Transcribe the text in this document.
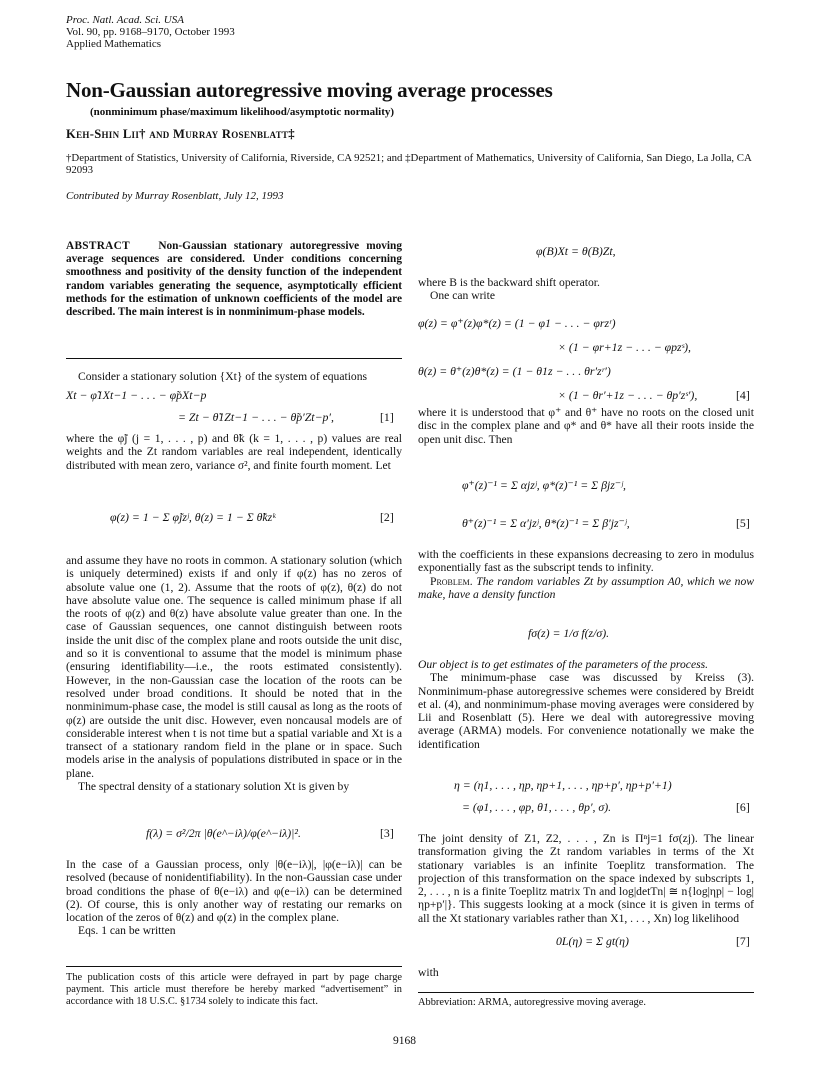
Proc. Natl. Acad. Sci. USA
Vol. 90, pp. 9168–9170, October 1993
Applied Mathematics
Non-Gaussian autoregressive moving average processes
(nonminimum phase/maximum likelihood/asymptotic normality)
Keh-Shin Lii† and Murray Rosenblatt‡
†Department of Statistics, University of California, Riverside, CA 92521; and ‡Department of Mathematics, University of California, San Diego, La Jolla, CA 92093
Contributed by Murray Rosenblatt, July 12, 1993
ABSTRACT	Non-Gaussian stationary autoregressive moving average sequences are considered. Under conditions concerning smoothness and positivity of the density function of the independent random variables generating the sequence, asymptotically efficient methods for the estimation of unknown coefficients of the model are described. The main interest is in nonminimum-phase models.

Consider a stationary solution {Xt} of the system of equations

Xt − φ̃1Xt−1 − . . . − φ̃pXt−p
= Zt − θ̃1Zt−1 − . . . − θ̃p′Zt−p′,	[1]

where the φ̃j (j = 1, . . . , p) and θ̃k (k = 1, . . . , p) values are real weights and the Zt random variables are real independent, identically distributed with mean zero, variance σ², and finite fourth moment. Let

φ(z) = 1 − Σ φ̃jzʲ, θ(z) = 1 − Σ θ̃kzᵏ	[2]

and assume they have no roots in common. A stationary solution (which is uniquely determined) exists if and only if φ(z) has no zeros of absolute value one (1, 2). Assume that the roots of φ(z), θ(z) do not have absolute value one. The sequence is called minimum phase if all the roots of φ(z) and θ(z) have absolute value greater than one. In the case of Gaussian sequences, one cannot distinguish between roots inside the unit disc of the complex plane and roots outside the unit disc, and so it is conventional to assume that the model is minimum phase (ensuring identifiability—i.e., the roots estimated consistently). However, in the non-Gaussian case the location of the roots can be resolved under broad conditions. It should be noted that in the nonminimum-phase case, the model is still causal as long as the roots of φ(z) are outside the unit disc. However, even noncausal models are of considerable interest when t is not time but a spatial variable and Xt is a transect of a stationary random field in the plane or in space. Such models arise in the analysis of populations distributed in space or in the plane.

The spectral density of a stationary solution Xt is given by

f(λ) = σ²/2π |θ(e^−iλ)/φ(e^−iλ)|².	[3]

In the case of a Gaussian process, only |θ(e−iλ)|, |φ(e−iλ)| can be resolved (because of nonidentifiability). In the non-Gaussian case under broad conditions the phase of θ(e−iλ) and φ(e−iλ) can be determined (2). Of course, this is only another way of restating our remarks on location of the zeros of θ(z) and φ(z) in the complex plane.

Eqs. 1 can be written

The publication costs of this article were defrayed in part by page charge payment. This article must therefore be hereby marked “advertisement” in accordance with 18 U.S.C. §1734 solely to indicate this fact.
φ(B)Xt = θ(B)Zt,

where B is the backward shift operator.

One can write

φ(z) = φ⁺(z)φ*(z) = (1 − φ1 − . . . − φrzʳ)
× (1 − φr+1z − . . . − φpzˢ),
θ(z) = θ⁺(z)θ*(z) = (1 − θ1z − . . . θr′zʳ′)
× (1 − θr′+1z − . . . − θp′zˢ′),	[4]

where it is understood that φ⁺ and θ⁺ have no roots on the closed unit disc in the complex plane and φ* and θ* have all their roots inside the open unit disc. Then

φ⁺(z)⁻¹ = Σ αjzʲ, φ*(z)⁻¹ = Σ βjz⁻ʲ,
θ⁺(z)⁻¹ = Σ α′jzʲ, θ*(z)⁻¹ = Σ β′jz⁻ʲ,	[5]

with the coefficients in these expansions decreasing to zero in modulus exponentially fast as the subscript tends to infinity.

Problem. The random variables Zt by assumption A0, which we now make, have a density function

fσ(z) = 1/σ f(z/σ).

Our object is to get estimates of the parameters of the process.

The minimum-phase case was discussed by Kreiss (3). Nonminimum-phase autoregressive schemes were considered by Breidt et al. (4), and nonminimum-phase moving averages were considered by Lii and Rosenblatt (5). Here we deal with autoregressive moving average (ARMA) models. For convenience notationally we make the identification

η = (η1, . . . , ηp, ηp+1, . . . , ηp+p′, ηp+p′+1)
= (φ1, . . . , φp, θ1, . . . , θp′, σ).	[6]

The joint density of Z1, Z2, . . . , Zn is Πⁿj=1 fσ(zj). The linear transformation giving the Zt random variables in terms of the Xt stationary variables is an infinite Toeplitz transformation. The projection of this transformation on the space indexed by subscripts 1, 2, . . . , n is a finite Toeplitz matrix Tn and log|detTn| ≅ n{log|ηp| − log|ηp+p′|}. This suggests looking at a mock (since it is given in terms of all the Xt stationary variables rather than X1, . . . , Xn) log likelihood

0L(η) = Σ gt(η)	[7]

with

Abbreviation: ARMA, autoregressive moving average.
9168
